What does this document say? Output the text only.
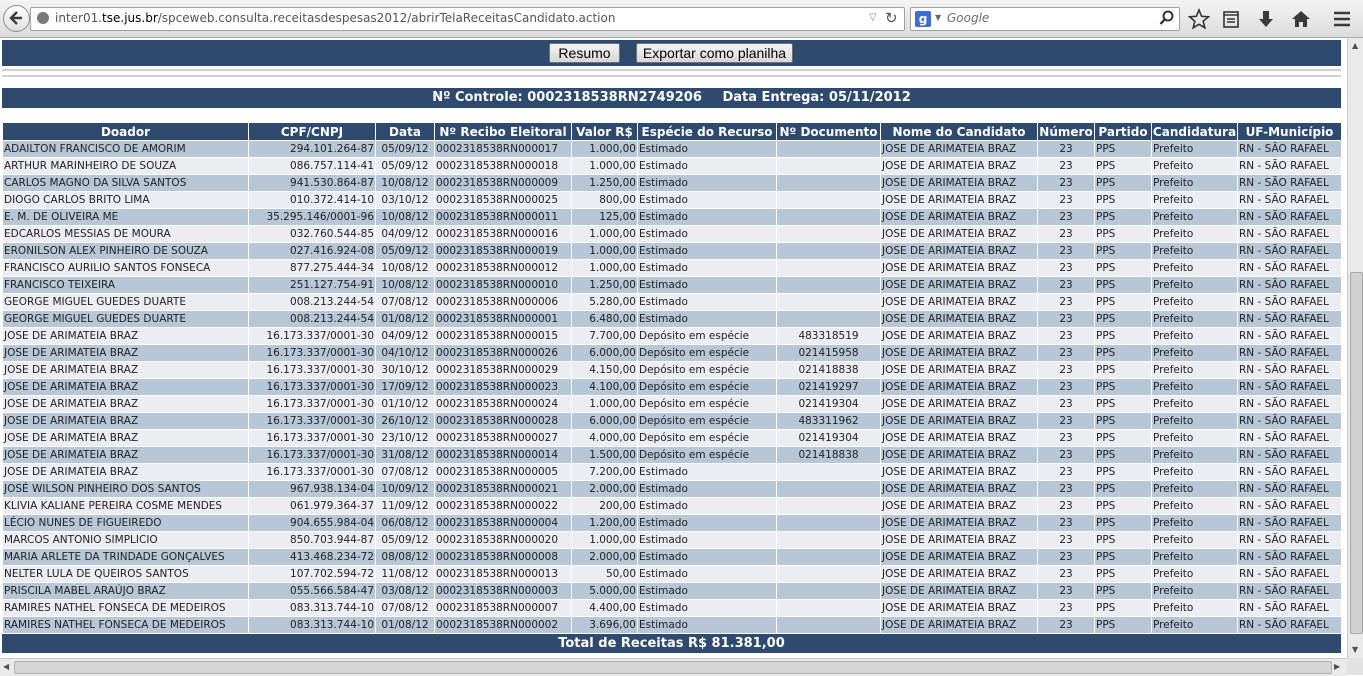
inter01.tse.jus.br/spceweb.consulta.receitasdespesas2012/abrirTelaReceitasCandidato.action	▽ ↻	g ▼ Google
Resumo	Exportar como planilha
Nº Controle: 0002318538RN2749206 Data Entrega: 05/11/2012
Doador	CPF/CNPJ	Data	Nº Recibo Eleitoral	Valor R$	Espécie do Recurso	Nº Documento	Nome do Candidato	Número	Partido	Candidatura	UF-Município
ADAILTON FRANCISCO DE AMORIM	294.101.264-87	05/09/12	0002318538RN000017	1.000,00	Estimado		JOSE DE ARIMATEIA BRAZ	23	PPS	Prefeito	RN - SÃO RAFAEL
ARTHUR MARINHEIRO DE SOUZA	086.757.114-41	05/09/12	0002318538RN000018	1.000,00	Estimado		JOSE DE ARIMATEIA BRAZ	23	PPS	Prefeito	RN - SÃO RAFAEL
CARLOS MAGNO DA SILVA SANTOS	941.530.864-87	10/08/12	0002318538RN000009	1.250,00	Estimado		JOSE DE ARIMATEIA BRAZ	23	PPS	Prefeito	RN - SÃO RAFAEL
DIOGO CARLOS BRITO LIMA	010.372.414-10	03/10/12	0002318538RN000025	800,00	Estimado		JOSE DE ARIMATEIA BRAZ	23	PPS	Prefeito	RN - SÃO RAFAEL
E. M. DE OLIVEIRA ME	35.295.146/0001-96	10/08/12	0002318538RN000011	125,00	Estimado		JOSE DE ARIMATEIA BRAZ	23	PPS	Prefeito	RN - SÃO RAFAEL
EDCARLOS MESSIAS DE MOURA	032.760.544-85	04/09/12	0002318538RN000016	1.000,00	Estimado		JOSE DE ARIMATEIA BRAZ	23	PPS	Prefeito	RN - SÃO RAFAEL
ERONILSON ALEX PINHEIRO DE SOUZA	027.416.924-08	05/09/12	0002318538RN000019	1.000,00	Estimado		JOSE DE ARIMATEIA BRAZ	23	PPS	Prefeito	RN - SÃO RAFAEL
FRANCISCO AURILIO SANTOS FONSECA	877.275.444-34	10/08/12	0002318538RN000012	1.000,00	Estimado		JOSE DE ARIMATEIA BRAZ	23	PPS	Prefeito	RN - SÃO RAFAEL
FRANCISCO TEIXEIRA	251.127.754-91	10/08/12	0002318538RN000010	1.250,00	Estimado		JOSE DE ARIMATEIA BRAZ	23	PPS	Prefeito	RN - SÃO RAFAEL
GEORGE MIGUEL GUEDES DUARTE	008.213.244-54	07/08/12	0002318538RN000006	5.280,00	Estimado		JOSE DE ARIMATEIA BRAZ	23	PPS	Prefeito	RN - SÃO RAFAEL
GEORGE MIGUEL GUEDES DUARTE	008.213.244-54	01/08/12	0002318538RN000001	6.480,00	Estimado		JOSE DE ARIMATEIA BRAZ	23	PPS	Prefeito	RN - SÃO RAFAEL
JOSE DE ARIMATEIA BRAZ	16.173.337/0001-30	04/09/12	0002318538RN000015	7.700,00	Depósito em espécie	483318519	JOSE DE ARIMATEIA BRAZ	23	PPS	Prefeito	RN - SÃO RAFAEL
JOSE DE ARIMATEIA BRAZ	16.173.337/0001-30	04/10/12	0002318538RN000026	6.000,00	Depósito em espécie	021415958	JOSE DE ARIMATEIA BRAZ	23	PPS	Prefeito	RN - SÃO RAFAEL
JOSE DE ARIMATEIA BRAZ	16.173.337/0001-30	30/10/12	0002318538RN000029	4.150,00	Depósito em espécie	021418838	JOSE DE ARIMATEIA BRAZ	23	PPS	Prefeito	RN - SÃO RAFAEL
JOSE DE ARIMATEIA BRAZ	16.173.337/0001-30	17/09/12	0002318538RN000023	4.100,00	Depósito em espécie	021419297	JOSE DE ARIMATEIA BRAZ	23	PPS	Prefeito	RN - SÃO RAFAEL
JOSE DE ARIMATEIA BRAZ	16.173.337/0001-30	01/10/12	0002318538RN000024	1.000,00	Depósito em espécie	021419304	JOSE DE ARIMATEIA BRAZ	23	PPS	Prefeito	RN - SÃO RAFAEL
JOSE DE ARIMATEIA BRAZ	16.173.337/0001-30	26/10/12	0002318538RN000028	6.000,00	Depósito em espécie	483311962	JOSE DE ARIMATEIA BRAZ	23	PPS	Prefeito	RN - SÃO RAFAEL
JOSE DE ARIMATEIA BRAZ	16.173.337/0001-30	23/10/12	0002318538RN000027	4.000,00	Depósito em espécie	021419304	JOSE DE ARIMATEIA BRAZ	23	PPS	Prefeito	RN - SÃO RAFAEL
JOSE DE ARIMATEIA BRAZ	16.173.337/0001-30	31/08/12	0002318538RN000014	1.500,00	Depósito em espécie	021418838	JOSE DE ARIMATEIA BRAZ	23	PPS	Prefeito	RN - SÃO RAFAEL
JOSE DE ARIMATEIA BRAZ	16.173.337/0001-30	07/08/12	0002318538RN000005	7.200,00	Estimado		JOSE DE ARIMATEIA BRAZ	23	PPS	Prefeito	RN - SÃO RAFAEL
JOSÉ WILSON PINHEIRO DOS SANTOS	967.938.134-04	10/09/12	0002318538RN000021	2.000,00	Estimado		JOSE DE ARIMATEIA BRAZ	23	PPS	Prefeito	RN - SÃO RAFAEL
KLIVIA KALIANE PEREIRA COSME MENDES	061.979.364-37	11/09/12	0002318538RN000022	200,00	Estimado		JOSE DE ARIMATEIA BRAZ	23	PPS	Prefeito	RN - SÃO RAFAEL
LÉCIO NUNES DE FIGUEIREDO	904.655.984-04	06/08/12	0002318538RN000004	1.200,00	Estimado		JOSE DE ARIMATEIA BRAZ	23	PPS	Prefeito	RN - SÃO RAFAEL
MARCOS ANTONIO SIMPLICIO	850.703.944-87	05/09/12	0002318538RN000020	1.000,00	Estimado		JOSE DE ARIMATEIA BRAZ	23	PPS	Prefeito	RN - SÃO RAFAEL
MARIA ARLETE DA TRINDADE GONÇALVES	413.468.234-72	08/08/12	0002318538RN000008	2.000,00	Estimado		JOSE DE ARIMATEIA BRAZ	23	PPS	Prefeito	RN - SÃO RAFAEL
NELTER LULA DE QUEIROS SANTOS	107.702.594-72	11/08/12	0002318538RN000013	50,00	Estimado		JOSE DE ARIMATEIA BRAZ	23	PPS	Prefeito	RN - SÃO RAFAEL
PRISCILA MABEL ARAÚJO BRAZ	055.566.584-47	03/08/12	0002318538RN000003	5.000,00	Estimado		JOSE DE ARIMATEIA BRAZ	23	PPS	Prefeito	RN - SÃO RAFAEL
RAMIRES NATHEL FONSECA DE MEDEIROS	083.313.744-10	07/08/12	0002318538RN000007	4.400,00	Estimado		JOSE DE ARIMATEIA BRAZ	23	PPS	Prefeito	RN - SÃO RAFAEL
RAMIRES NATHEL FONSECA DE MEDEIROS	083.313.744-10	01/08/12	0002318538RN000002	3.696,00	Estimado		JOSE DE ARIMATEIA BRAZ	23	PPS	Prefeito	RN - SÃO RAFAEL
Total de Receitas R$ 81.381,00
▲
▼
◀	▶
